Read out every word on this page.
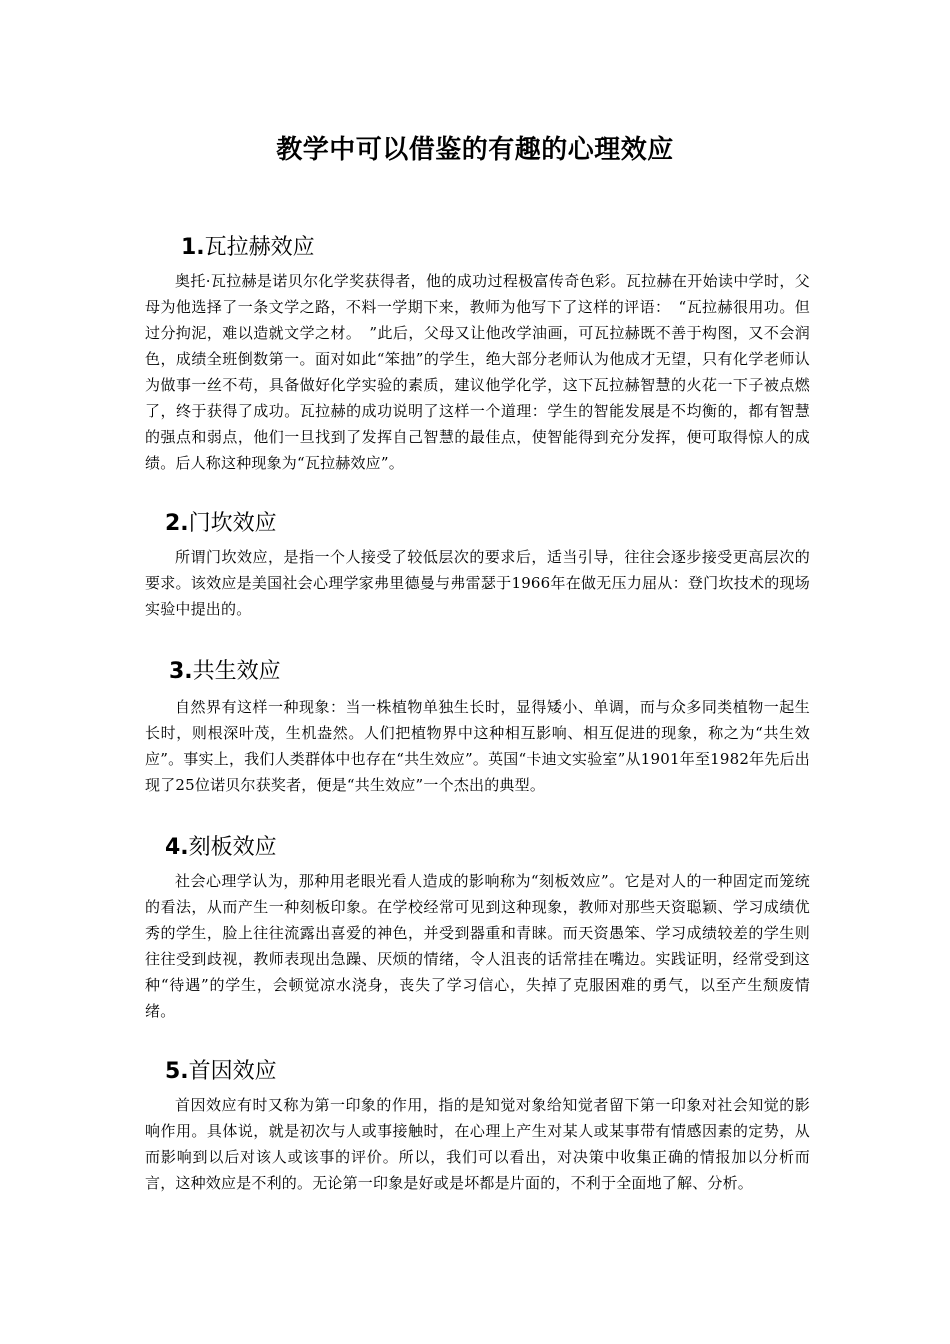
教学中可以借鉴的有趣的心理效应
1.瓦拉赫效应

奥托·瓦拉赫是诺贝尔化学奖获得者，他的成功过程极富传奇色彩。瓦拉赫在开始读中学时，父母为他选择了一条文学之路，不料一学期下来，教师为他写下了这样的评语：　“瓦拉赫很用功。但过分拘泥，难以造就文学之材。　”此后，父母又让他改学油画，可瓦拉赫既不善于构图，又不会润色，成绩全班倒数第一。面对如此“笨拙”的学生，绝大部分老师认为他成才无望，只有化学老师认为做事一丝不苟，具备做好化学实验的素质，建议他学化学，这下瓦拉赫智慧的火花一下子被点燃了，终于获得了成功。瓦拉赫的成功说明了这样一个道理：学生的智能发展是不均衡的，都有智慧的强点和弱点，他们一旦找到了发挥自己智慧的最佳点，使智能得到充分发挥，便可取得惊人的成绩。后人称这种现象为“瓦拉赫效应”。

2.门坎效应

所谓门坎效应，是指一个人接受了较低层次的要求后，适当引导，往往会逐步接受更高层次的要求。该效应是美国社会心理学家弗里德曼与弗雷瑟于1966年在做无压力屈从：登门坎技术的现场实验中提出的。

3.共生效应

自然界有这样一种现象：当一株植物单独生长时，显得矮小、单调，而与众多同类植物一起生长时，则根深叶茂，生机盎然。人们把植物界中这种相互影响、相互促进的现象，称之为“共生效应”。事实上，我们人类群体中也存在“共生效应”。英国“卡迪文实验室”从1901年至1982年先后出现了25位诺贝尔获奖者，便是“共生效应”一个杰出的典型。

4.刻板效应

社会心理学认为，那种用老眼光看人造成的影响称为“刻板效应”。它是对人的一种固定而笼统的看法，从而产生一种刻板印象。在学校经常可见到这种现象，教师对那些天资聪颖、学习成绩优秀的学生，脸上往往流露出喜爱的神色，并受到器重和青睐。而天资愚笨、学习成绩较差的学生则往往受到歧视，教师表现出急躁、厌烦的情绪，令人沮丧的话常挂在嘴边。实践证明，经常受到这种“待遇”的学生，会顿觉凉水浇身，丧失了学习信心，失掉了克服困难的勇气，以至产生颓废情绪。

5.首因效应

首因效应有时又称为第一印象的作用，指的是知觉对象给知觉者留下第一印象对社会知觉的影响作用。具体说，就是初次与人或事接触时，在心理上产生对某人或某事带有情感因素的定势，从而影响到以后对该人或该事的评价。所以，我们可以看出，对决策中收集正确的情报加以分析而言，这种效应是不利的。无论第一印象是好或是坏都是片面的，不利于全面地了解、分析。
